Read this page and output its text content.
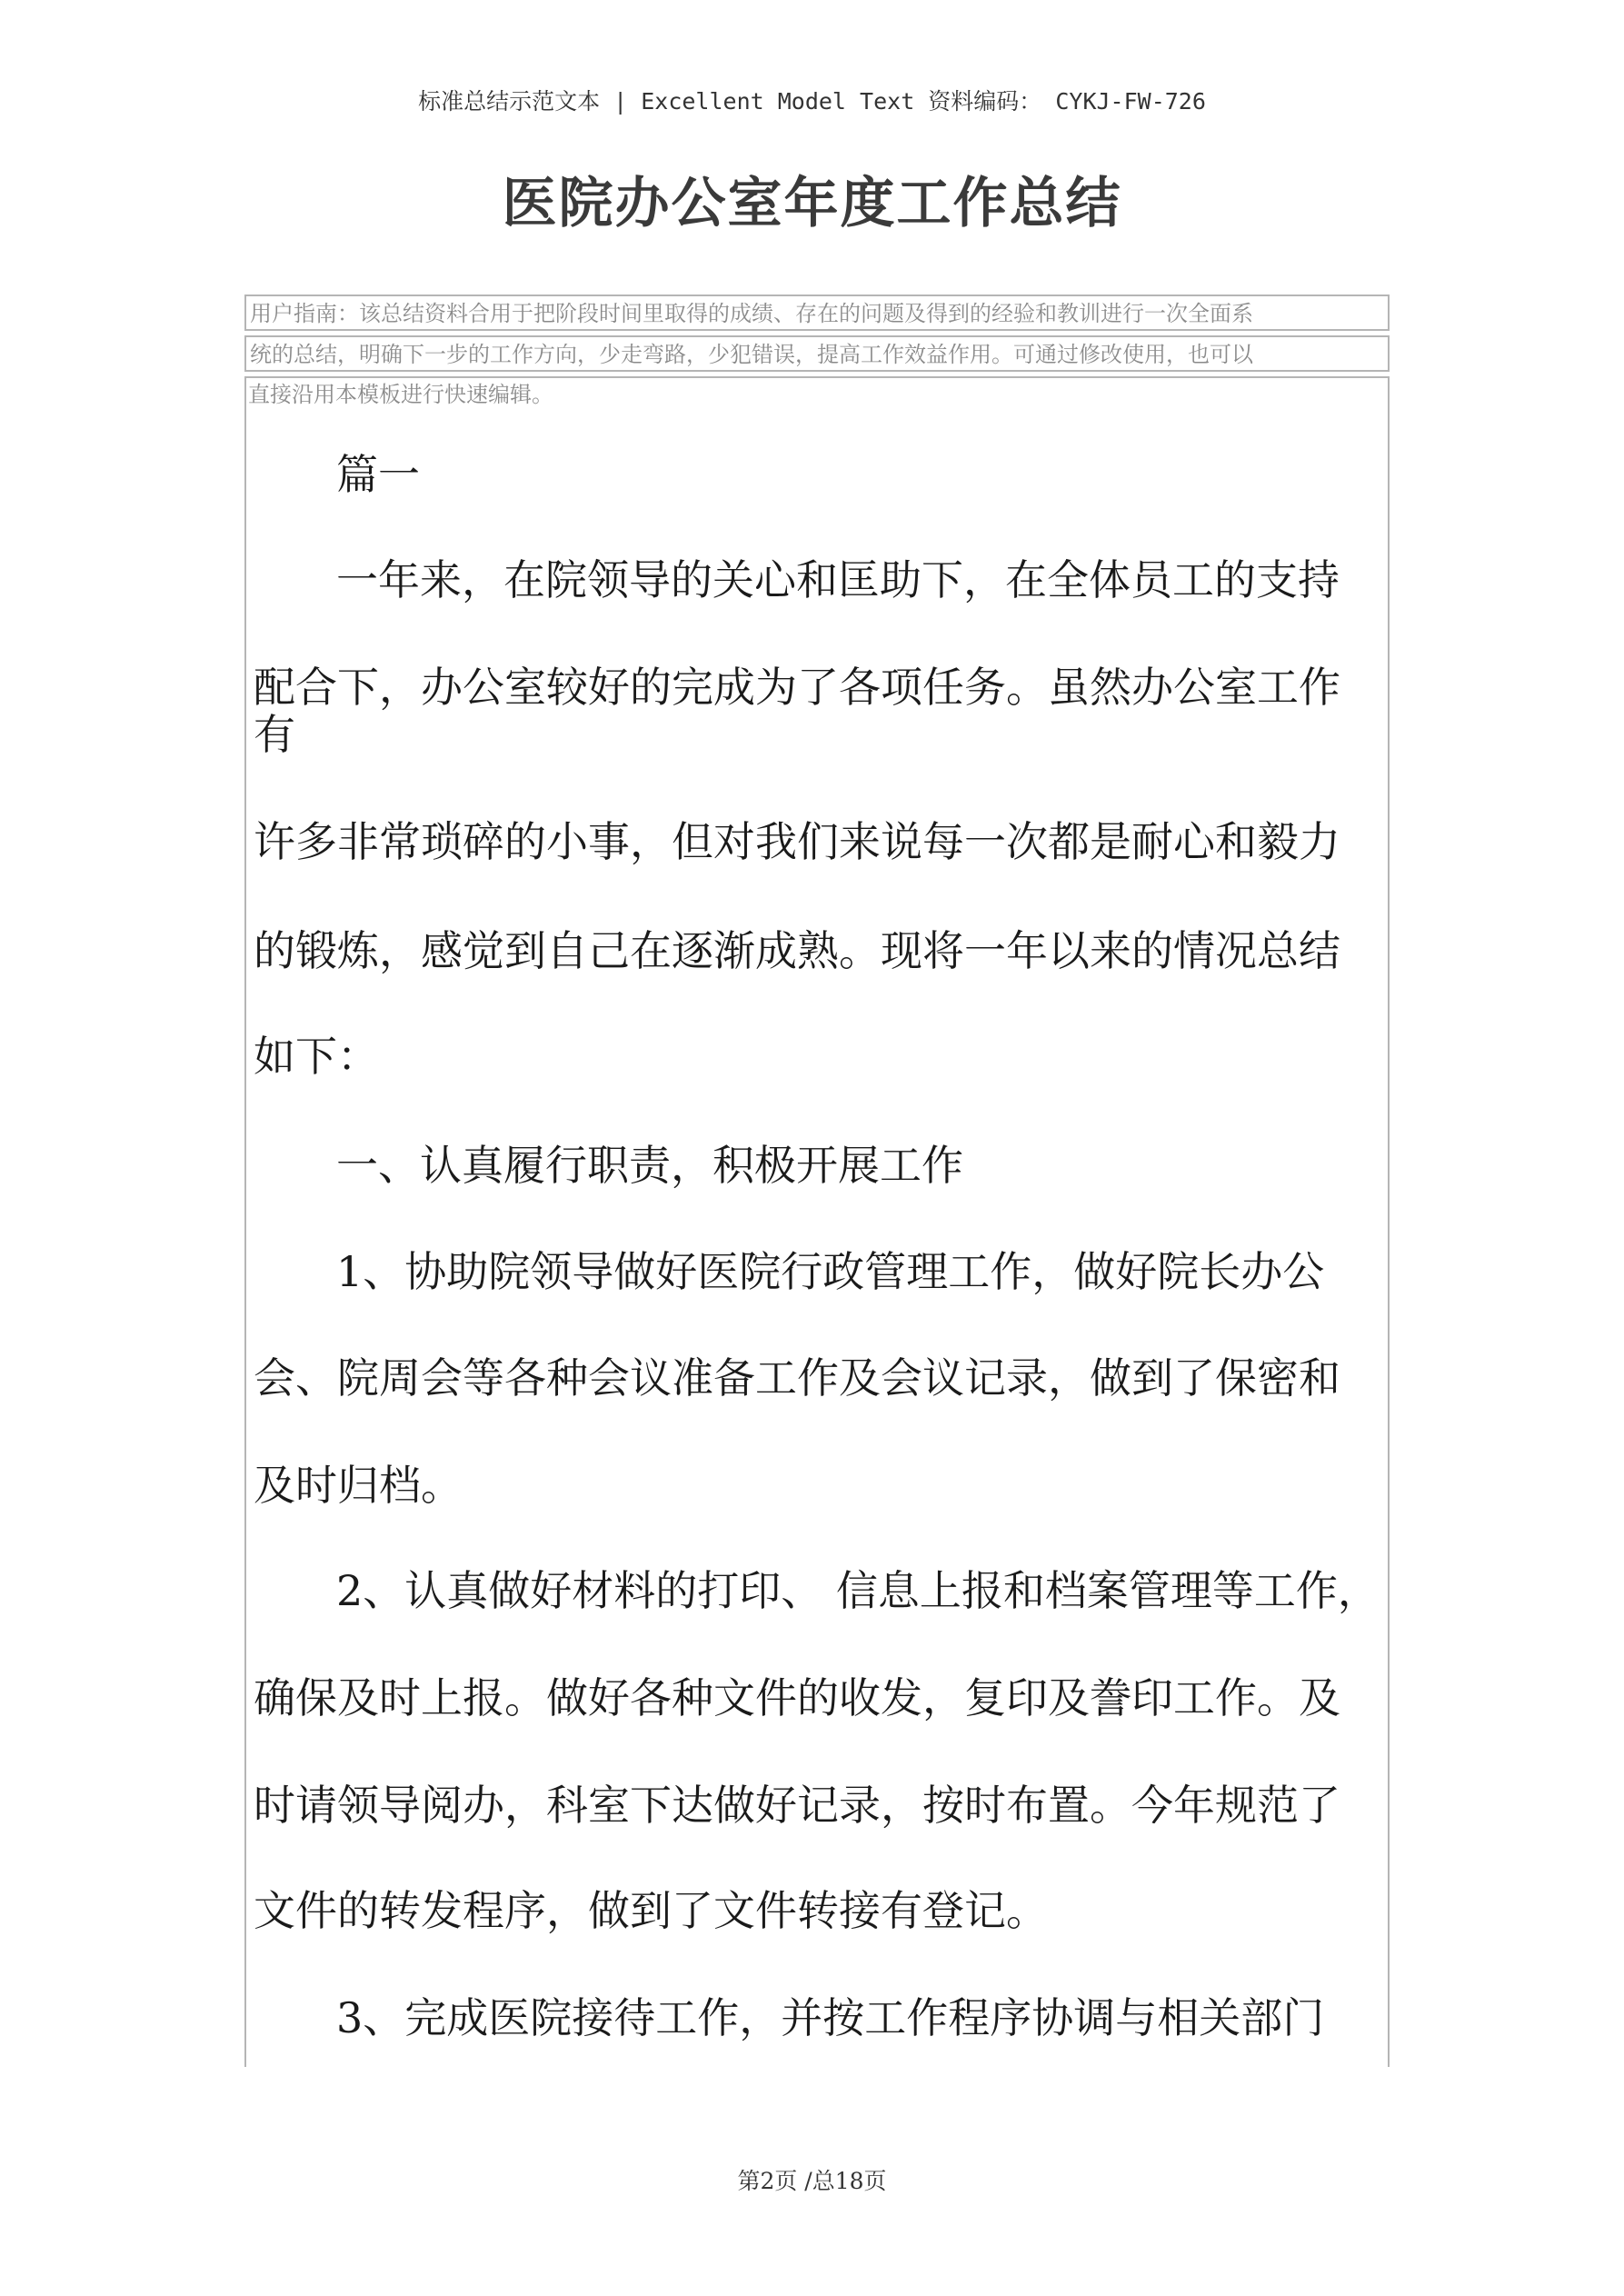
标准总结示范文本 | Excellent Model Text 资料编码： CYKJ-FW-726
医院办公室年度工作总结
用户指南：该总结资料合用于把阶段时间里取得的成绩、存在的问题及得到的经验和教训进行一次全面系
统的总结，明确下一步的工作方向，少走弯路，少犯错误，提高工作效益作用。可通过修改使用，也可以
直接沿用本模板进行快速编辑。
篇一
一年来，在院领导的关心和匡助下，在全体员工的支持
配合下，办公室较好的完成为了各项任务。虽然办公室工作
有
许多非常琐碎的小事，但对我们来说每一次都是耐心和毅力
的锻炼，感觉到自己在逐渐成熟。现将一年以来的情况总结
如下：
一、认真履行职责，积极开展工作
1、协助院领导做好医院行政管理工作，做好院长办公
会、院周会等各种会议准备工作及会议记录，做到了保密和
及时归档。
2、认真做好材料的打印、 信息上报和档案管理等工作，
确保及时上报。做好各种文件的收发，复印及誊印工作。及
时请领导阅办，科室下达做好记录，按时布置。今年规范了
文件的转发程序，做到了文件转接有登记。
3、完成医院接待工作，并按工作程序协调与相关部门
第2页 /总18页
